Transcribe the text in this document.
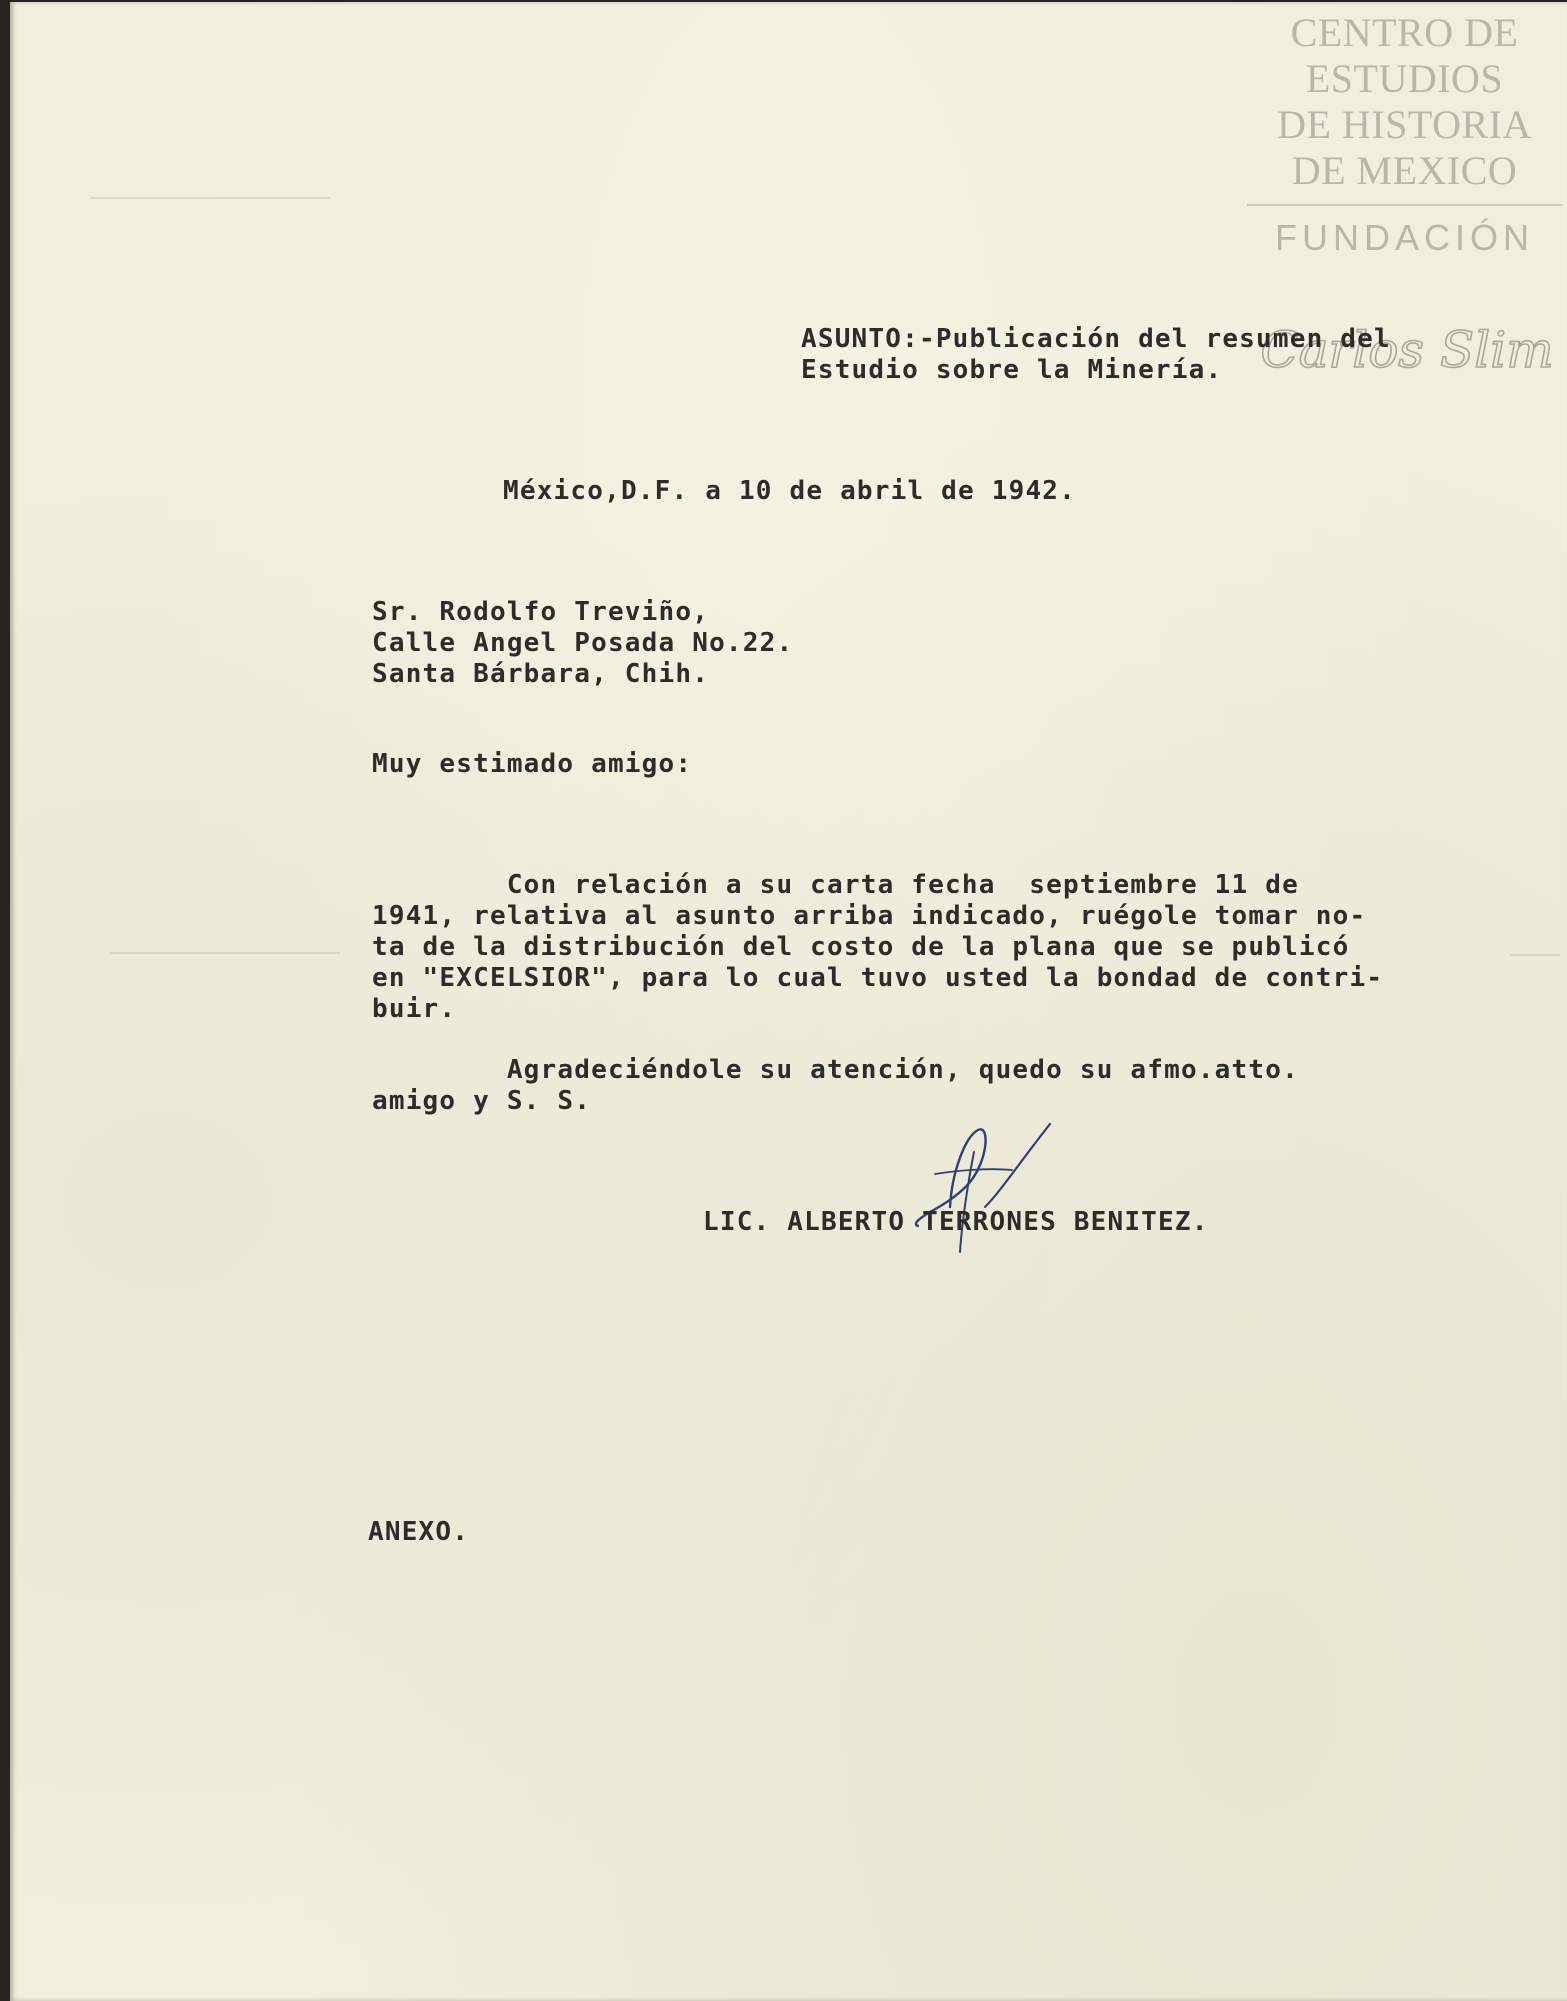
CENTRO DE
ESTUDIOS
DE HISTORIA
DE MEXICO
FUNDACIÓN
Carlos Slim
ASUNTO:-Publicación del resumen del
Estudio sobre la Minería.
México,D.F. a 10 de abril de 1942.
Sr. Rodolfo Treviño,
Calle Angel Posada No.22.
Santa Bárbara, Chih.
Muy estimado amigo:
Con relación a su carta fecha  septiembre 11 de
1941, relativa al asunto arriba indicado, ruégole tomar no-
ta de la distribución del costo de la plana que se publicó
en "EXCELSIOR", para lo cual tuvo usted la bondad de contri-
buir.
Agradeciéndole su atención, quedo su afmo.atto.
amigo y S. S.
LIC. ALBERTO TERRONES BENITEZ.
ANEXO.
